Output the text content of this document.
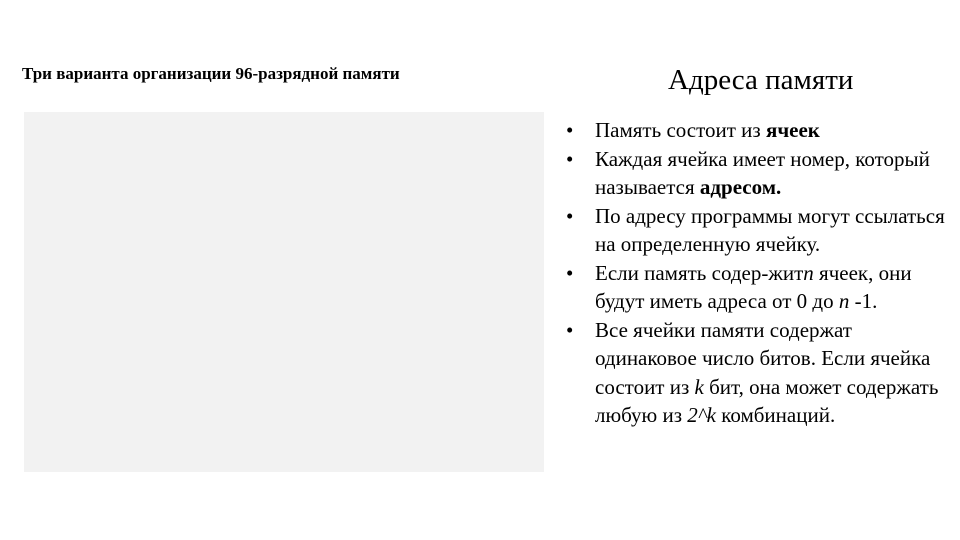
Три варианта организации 96-разрядной памяти	Адреса памяти
• Память состоит из ячеек
• Каждая ячейка имеет номер, который называется адресом.
• По адресу программы могут ссылаться на определенную ячейку.
• Если память содер-житn ячеек, они будут иметь адреса от 0 до n -1.
• Все ячейки памяти содержат одинаковое число битов. Если ячейка состоит из k бит, она может содержать любую из 2^k комбинаций.
